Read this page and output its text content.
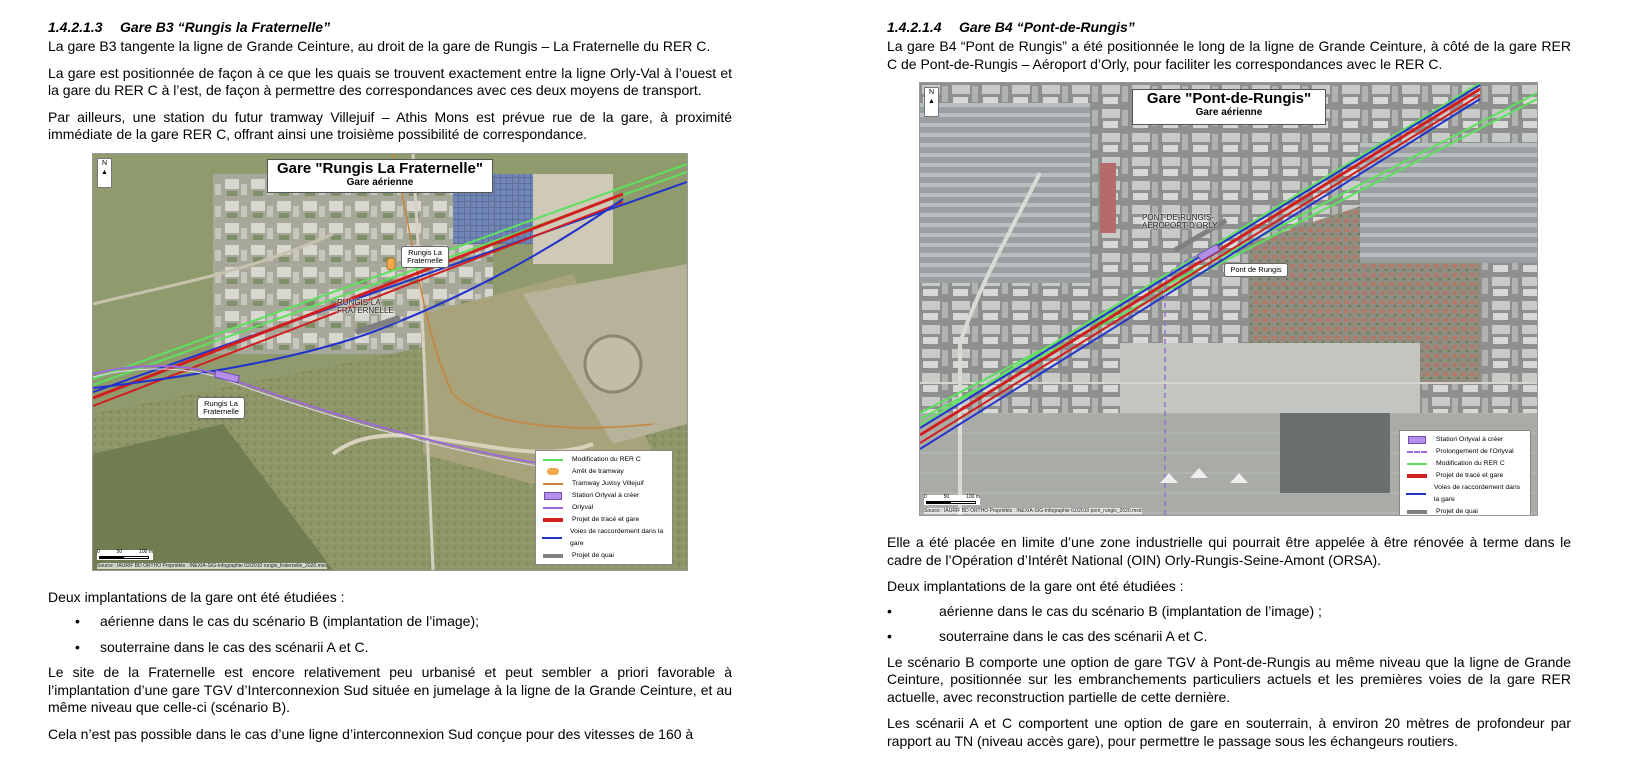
1.4.2.1.3 Gare B3 “Rungis la Fraternelle”

La gare B3 tangente la ligne de Grande Ceinture, au droit de la gare de Rungis – La Fraternelle du RER C.

La gare est positionnée de façon à ce que les quais se trouvent exactement entre la ligne Orly-Val à l’ouest et la gare du RER C à l’est, de façon à permettre des correspondances avec ces deux moyens de transport.

Par ailleurs, une station du futur tramway Villejuif – Athis Mons est prévue rue de la gare, à proximité immédiate de la gare RER C, offrant ainsi une troisième possibilité de correspondance.

N
▲	Gare "Rungis La Fraternelle"
Gare aérienne
Rungis La Fraternelle
Rungis La Fraternelle
RUNGIS-LA-FRATERNELLE
Modification du RER C
Arrêt de tramway
Tramway Juvisy Villejuif
Station Orlyval à créer
Orlyval
Projet de tracé et gare
Voies de raccordement dans la gare
Projet de quai
0	50	100 m
Source : IAURIF BD ORTHO Propriétés : INEXIA-SIG-Infographie 02/2010 rungis_fraternelle_2020.mxd

Deux implantations de la gare ont été étudiées :

• aérienne dans le cas du scénario B (implantation de l’image);
• souterraine dans le cas des scénarii A et C.

Le site de la Fraternelle est encore relativement peu urbanisé et peut sembler a priori favorable à l’implantation d’une gare TGV d’Interconnexion Sud située en jumelage à la ligne de la Grande Ceinture, et au même niveau que celle-ci (scénario B).

Cela n’est pas possible dans le cas d’une ligne d’interconnexion Sud conçue pour des vitesses de 160 à

1.4.2.1.4 Gare B4 “Pont-de-Rungis”

La gare B4 “Pont de Rungis” a été positionnée le long de la ligne de Grande Ceinture, à côté de la gare RER C de Pont-de-Rungis – Aéroport d’Orly, pour faciliter les correspondances avec le RER C.

N
▲	Gare "Pont-de-Rungis"
Gare aérienne
Pont de Rungis
PONT-DE-RUNGIS-AEROPORT-D'ORLY
Station Orlyval à créer
Prolongement de l'Orlyval
Modification du RER C
Projet de tracé et gare
Voies de raccordement dans la gare
Projet de quai
0	50	100 m
Source : IAURIF BD ORTHO Propriétés : INEXIA-SIG-Infographie 02/2010 pont_rungis_2020.mxd

Elle a été placée en limite d’une zone industrielle qui pourrait être appelée à être rénovée à terme dans le cadre de l’Opération d’Intérêt National (OIN) Orly-Rungis-Seine-Amont (ORSA).

Deux implantations de la gare ont été étudiées :

•	aérienne dans le cas du scénario B (implantation de l’image) ;
•	souterraine dans le cas des scénarii A et C.

Le scénario B comporte une option de gare TGV à Pont-de-Rungis au même niveau que la ligne de Grande Ceinture, positionnée sur les embranchements particuliers actuels et les premières voies de la gare RER actuelle, avec reconstruction partielle de cette dernière.

Les scénarii A et C comportent une option de gare en souterrain, à environ 20 mètres de profondeur par rapport au TN (niveau accès gare), pour permettre le passage sous les échangeurs routiers.
